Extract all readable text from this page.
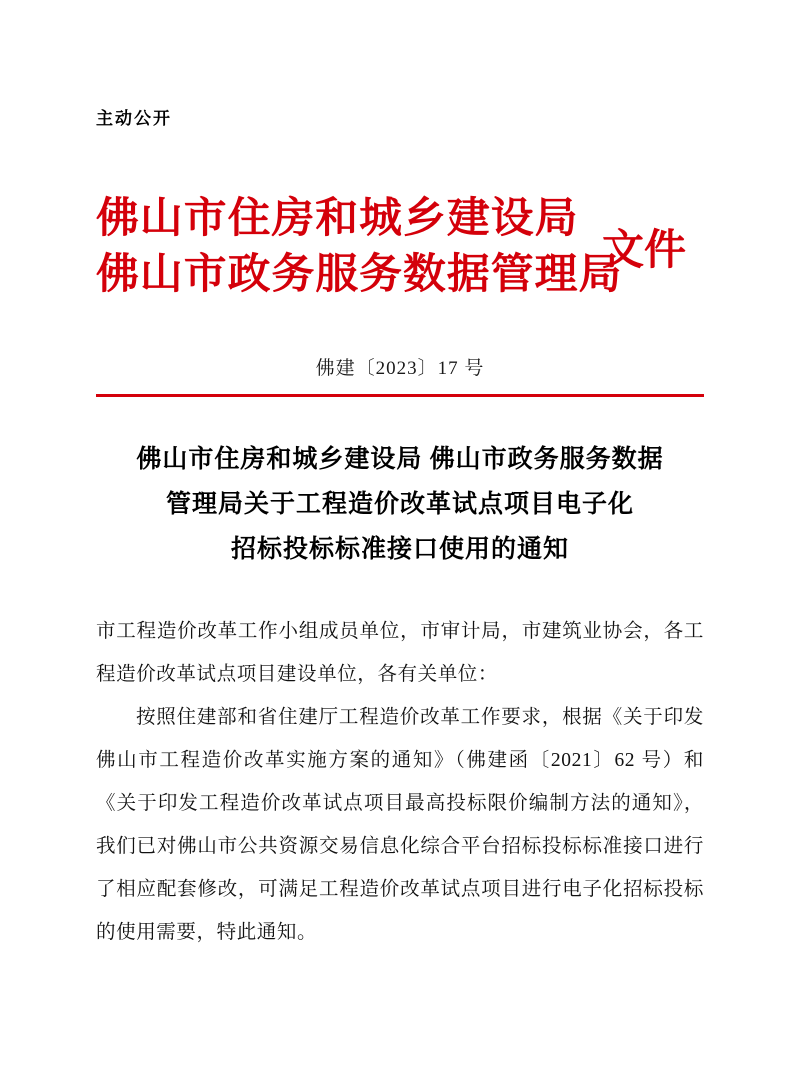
主动公开
佛山市住房和城乡建设局
佛山市政务服务数据管理局
文件
佛建〔2023〕17 号
佛山市住房和城乡建设局 佛山市政务服务数据
管理局关于工程造价改革试点项目电子化
招标投标标准接口使用的通知

市工程造价改革工作小组成员单位，市审计局，市建筑业协会，各工程造价改革试点项目建设单位，各有关单位：

按照住建部和省住建厅工程造价改革工作要求，根据《关于印发佛山市工程造价改革实施方案的通知》（佛建函〔2021〕62 号）和《关于印发工程造价改革试点项目最高投标限价编制方法的通知》，我们已对佛山市公共资源交易信息化综合平台招标投标标准接口进行了相应配套修改，可满足工程造价改革试点项目进行电子化招标投标的使用需要，特此通知。
